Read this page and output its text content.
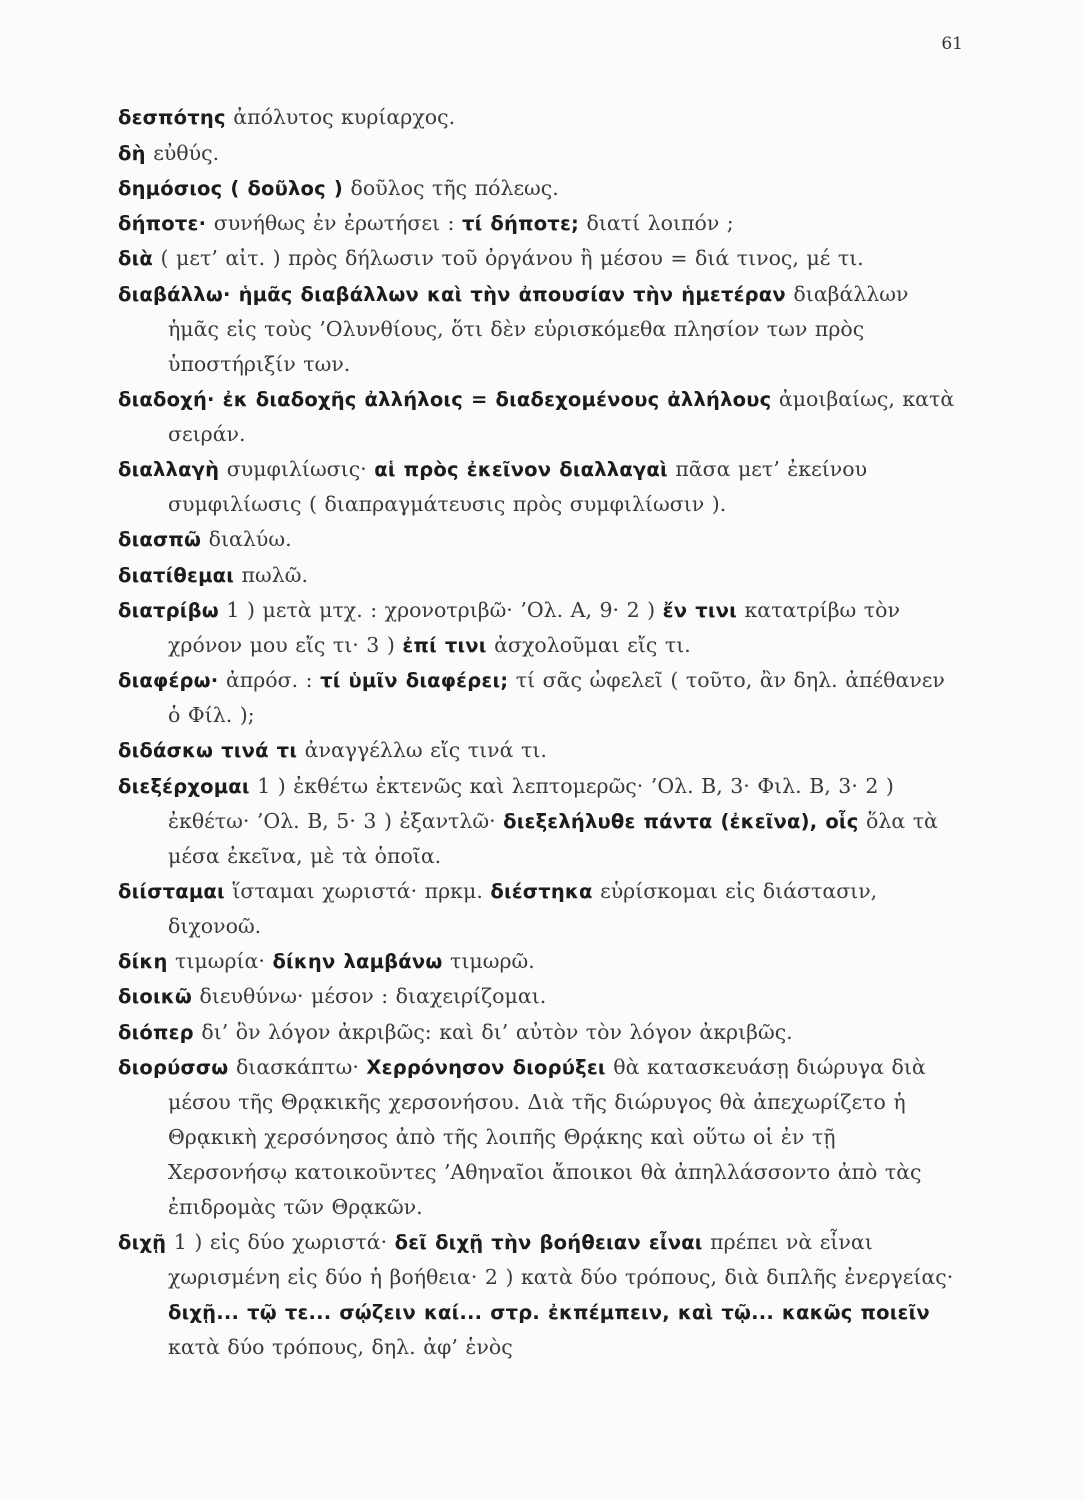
61

δεσπότης ἀπόλυτος κυρίαρχος.

δὴ εὐθύς.

δημόσιος ( δοῦλος ) δοῦλος τῆς πόλεως.

δήποτε· συνήθως ἐν ἐρωτήσει : τί δήποτε; διατί λοιπόν ;

διὰ ( μετ’ αἰτ. ) πρὸς δήλωσιν τοῦ ὀργάνου ἢ μέσου = διά τινος, μέ τι.

διαβάλλω· ἡμᾶς διαβάλλων καὶ τὴν ἀπουσίαν τὴν ἡμετέραν διαβάλλων ἡμᾶς εἰς τοὺς ’Ολυνθίους, ὅτι δὲν εὑρισκόμεθα πλησίον των πρὸς ὑποστήριξίν των.

διαδοχή· ἐκ διαδοχῆς ἀλλήλοις = διαδεχομένους ἀλλήλους ἀμοιβαίως, κατὰ σειράν.

διαλλαγὴ συμφιλίωσις· αἱ πρὸς ἐκεῖνον διαλλαγαὶ πᾶσα μετ’ ἐκείνου συμφιλίωσις ( διαπραγμάτευσις πρὸς συμφιλίωσιν ).

διασπῶ διαλύω.

διατίθεμαι πωλῶ.

διατρίβω 1 ) μετὰ μτχ. : χρονοτριβῶ· ’Ολ. Α, 9· 2 ) ἔν τινι κατατρίβω τὸν χρόνον μου εἴς τι· 3 ) ἐπί τινι ἀσχολοῦμαι εἴς τι.

διαφέρω· ἀπρόσ. : τί ὑμῖν διαφέρει; τί σᾶς ὠφελεῖ ( τοῦτο, ἂν δηλ. ἀπέθανεν ὁ Φίλ. );

διδάσκω τινά τι ἀναγγέλλω εἴς τινά τι.

διεξέρχομαι 1 ) ἐκθέτω ἐκτενῶς καὶ λεπτομερῶς· ’Ολ. Β, 3· Φιλ. Β, 3· 2 ) ἐκθέτω· ’Ολ. Β, 5· 3 ) ἐξαντλῶ· διεξελήλυθε πάντα (ἐκεῖνα), οἷς ὅλα τὰ μέσα ἐκεῖνα, μὲ τὰ ὁποῖα.

διίσταμαι ἵσταμαι χωριστά· πρκμ. διέστηκα εὑρίσκομαι εἰς διάστασιν, διχονοῶ.

δίκη τιμωρία· δίκην λαμβάνω τιμωρῶ.

διοικῶ διευθύνω· μέσον : διαχειρίζομαι.

διόπερ δι’ ὃν λόγον ἀκριβῶς: καὶ δι’ αὐτὸν τὸν λόγον ἀκριβῶς.

διορύσσω διασκάπτω· Χερρόνησον διορύξει θὰ κατασκευάσῃ διώρυγα διὰ μέσου τῆς Θρᾳκικῆς χερσονήσου. Διὰ τῆς διώρυγος θὰ ἀπεχωρίζετο ἡ Θρᾳκικὴ χερσόνησος ἀπὸ τῆς λοιπῆς Θρᾴκης καὶ οὕτω οἱ ἐν τῇ Χερσονήσῳ κατοικοῦντες ’Αθηναῖοι ἄποικοι θὰ ἀπηλλάσσοντο ἀπὸ τὰς ἐπιδρομὰς τῶν Θρᾳκῶν.

διχῇ 1 ) εἰς δύο χωριστά· δεῖ διχῇ τὴν βοήθειαν εἶναι πρέπει νὰ εἶναι χωρισμένη εἰς δύο ἡ βοήθεια· 2 ) κατὰ δύο τρόπους, διὰ διπλῆς ἐνεργείας· διχῇ... τῷ τε... σῴζειν καί... στρ. ἐκπέμπειν, καὶ τῷ... κακῶς ποιεῖν κατὰ δύο τρόπους, δηλ. ἀφ’ ἑνὸς
